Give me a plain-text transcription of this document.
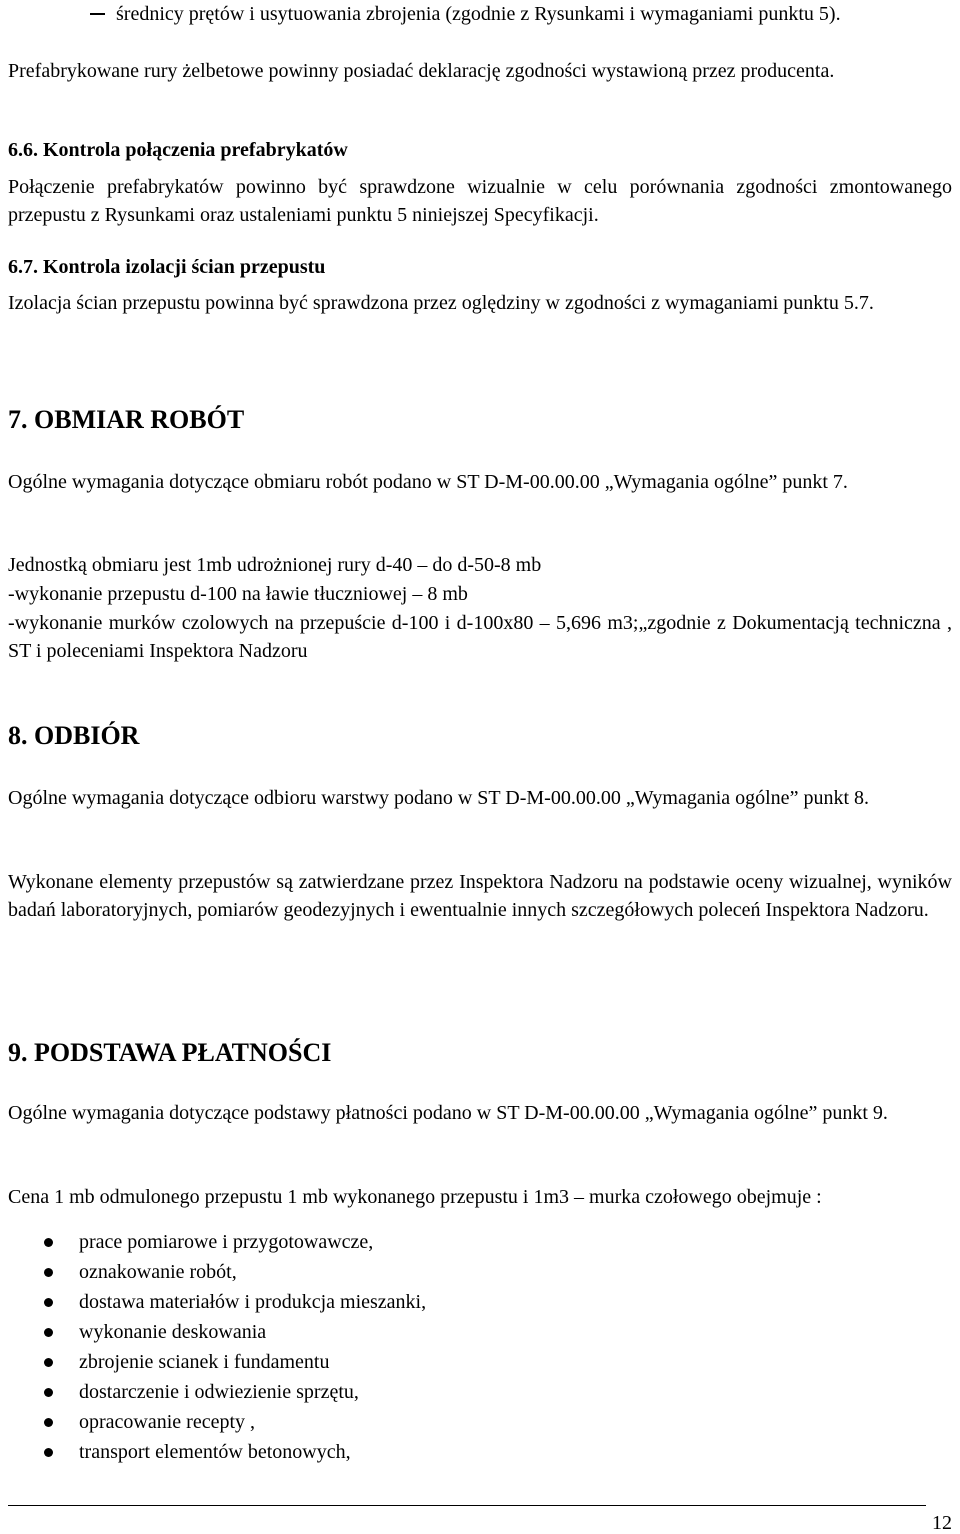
średnicy prętów i usytuowania zbrojenia (zgodnie z Rysunkami i wymaganiami punktu 5).

Prefabrykowane rury żelbetowe powinny posiadać deklarację zgodności wystawioną przez producenta.

6.6. Kontrola połączenia prefabrykatów

Połączenie prefabrykatów powinno być sprawdzone wizualnie w celu porównania zgodności zmontowanego przepustu z Rysunkami oraz ustaleniami punktu 5 niniejszej Specyfikacji.

6.7. Kontrola izolacji ścian przepustu

Izolacja ścian przepustu powinna być sprawdzona przez oględziny w zgodności z wymaganiami punktu 5.7.

7. OBMIAR ROBÓT

Ogólne wymagania dotyczące obmiaru robót podano w ST D-M-00.00.00 „Wymagania ogólne” punkt 7.

Jednostką obmiaru jest 1mb udrożnionej rury d-40 – do d-50-8 mb

-wykonanie przepustu d-100 na ławie tłuczniowej – 8 mb

-wykonanie murków czolowych na przepuście d-100 i d-100x80 – 5,696 m3;„zgodnie z Dokumentacją techniczna , ST i poleceniami Inspektora Nadzoru

8. ODBIÓR

Ogólne wymagania dotyczące odbioru warstwy podano w ST D-M-00.00.00 „Wymagania ogólne” punkt 8.

Wykonane elementy przepustów są zatwierdzane przez Inspektora Nadzoru na podstawie oceny wizualnej, wyników badań laboratoryjnych, pomiarów geodezyjnych i ewentualnie innych szczegółowych poleceń Inspektora Nadzoru.

9. PODSTAWA PŁATNOŚCI

Ogólne wymagania dotyczące podstawy płatności podano w ST D-M-00.00.00 „Wymagania ogólne” punkt 9.

Cena 1 mb odmulonego przepustu 1 mb wykonanego przepustu i 1m3 – murka czołowego obejmuje :

prace pomiarowe i przygotowawcze,
oznakowanie robót,
dostawa materiałów i produkcja mieszanki,
wykonanie deskowania
zbrojenie scianek i fundamentu
dostarczenie i odwiezienie sprzętu,
opracowanie recepty ,
transport elementów betonowych,
12
